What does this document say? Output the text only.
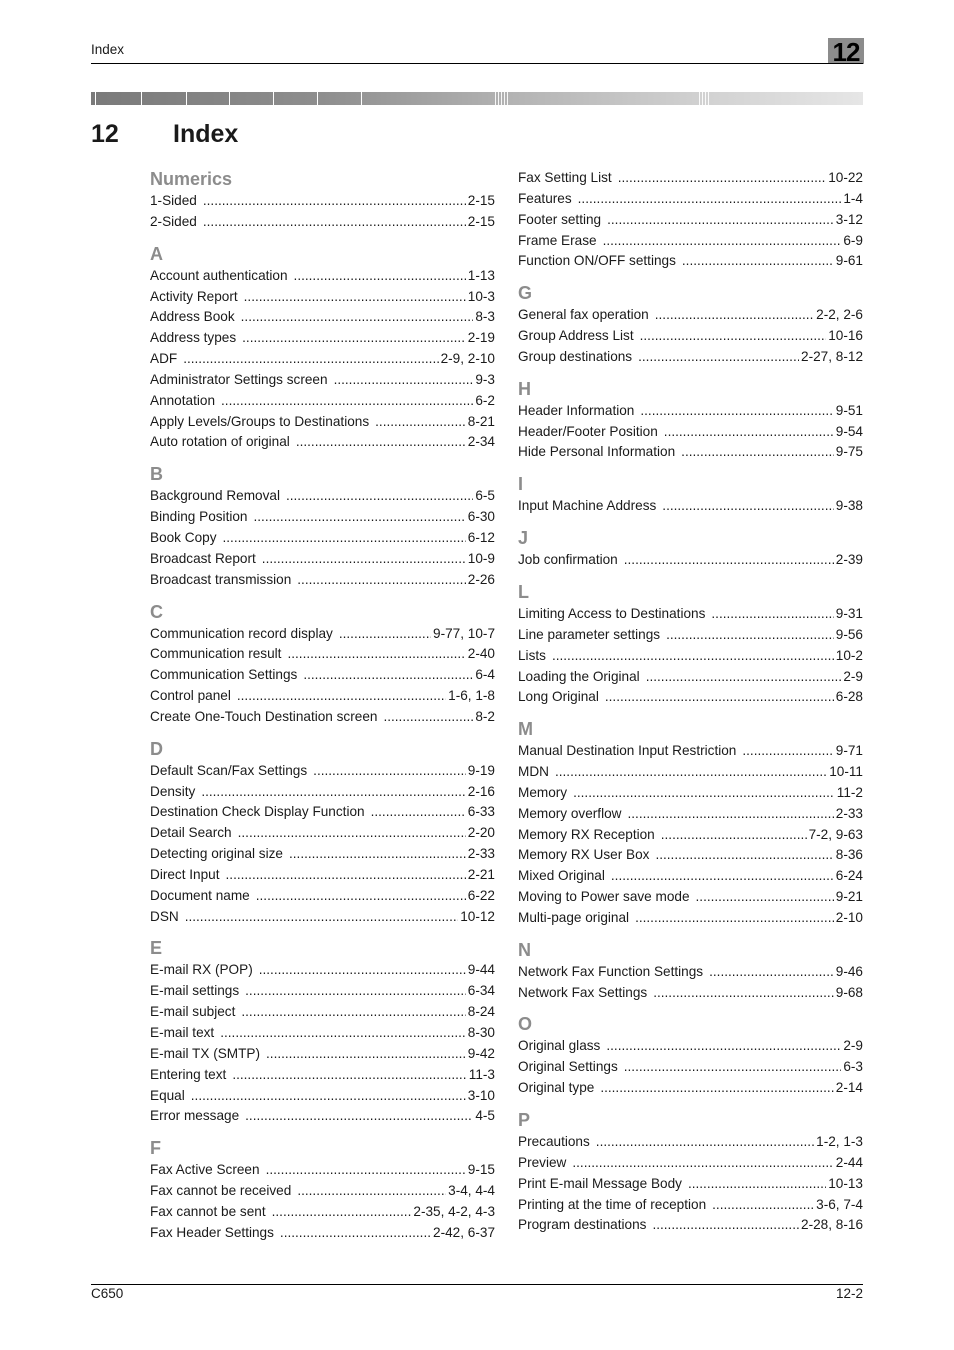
Index	12
12 Index
Numerics
1-Sided .....	2-15
2-Sided .....	2-15
A
Account authentication .....	1-13
Activity Report .....	10-3
Address Book .....	8-3
Address types .....	2-19
ADF .....	2-9, 2-10
Administrator Settings screen .....	9-3
Annotation .....	6-2
Apply Levels/Groups to Destinations .....	8-21
Auto rotation of original .....	2-34
B
Background Removal .....	6-5
Binding Position .....	6-30
Book Copy .....	6-12
Broadcast Report .....	10-9
Broadcast transmission .....	2-26
C
Communication record display .....	9-77, 10-7
Communication result .....	2-40
Communication Settings .....	6-4
Control panel .....	1-6, 1-8
Create One-Touch Destination screen .....	8-2
D
Default Scan/Fax Settings .....	9-19
Density .....	2-16
Destination Check Display Function .....	6-33
Detail Search .....	2-20
Detecting original size .....	2-33
Direct Input .....	2-21
Document name .....	6-22
DSN .....	10-12
E
E-mail RX (POP) .....	9-44
E-mail settings .....	6-34
E-mail subject .....	8-24
E-mail text .....	8-30
E-mail TX (SMTP) .....	9-42
Entering text .....	11-3
Equal .....	3-10
Error message .....	4-5
F
Fax Active Screen .....	9-15
Fax cannot be received .....	3-4, 4-4
Fax cannot be sent .....	2-35, 4-2, 4-3
Fax Header Settings .....	2-42, 6-37
Fax Setting List .....	10-22
Features .....	1-4
Footer setting .....	3-12
Frame Erase .....	6-9
Function ON/OFF settings .....	9-61
G
General fax operation .....	2-2, 2-6
Group Address List .....	10-16
Group destinations .....	2-27, 8-12
H
Header Information .....	9-51
Header/Footer Position .....	9-54
Hide Personal Information .....	9-75
I
Input Machine Address .....	9-38
J
Job confirmation .....	2-39
L
Limiting Access to Destinations .....	9-31
Line parameter settings .....	9-56
Lists .....	10-2
Loading the Original .....	2-9
Long Original .....	6-28
M
Manual Destination Input Restriction .....	9-71
MDN .....	10-11
Memory .....	11-2
Memory overflow .....	2-33
Memory RX Reception .....	7-2, 9-63
Memory RX User Box .....	8-36
Mixed Original .....	6-24
Moving to Power save mode .....	9-21
Multi-page original .....	2-10
N
Network Fax Function Settings .....	9-46
Network Fax Settings .....	9-68
O
Original glass .....	2-9
Original Settings .....	6-3
Original type .....	2-14
P
Precautions .....	1-2, 1-3
Preview .....	2-44
Print E-mail Message Body .....	10-13
Printing at the time of reception .....	3-6, 7-4
Program destinations .....	2-28, 8-16
C650	12-2
